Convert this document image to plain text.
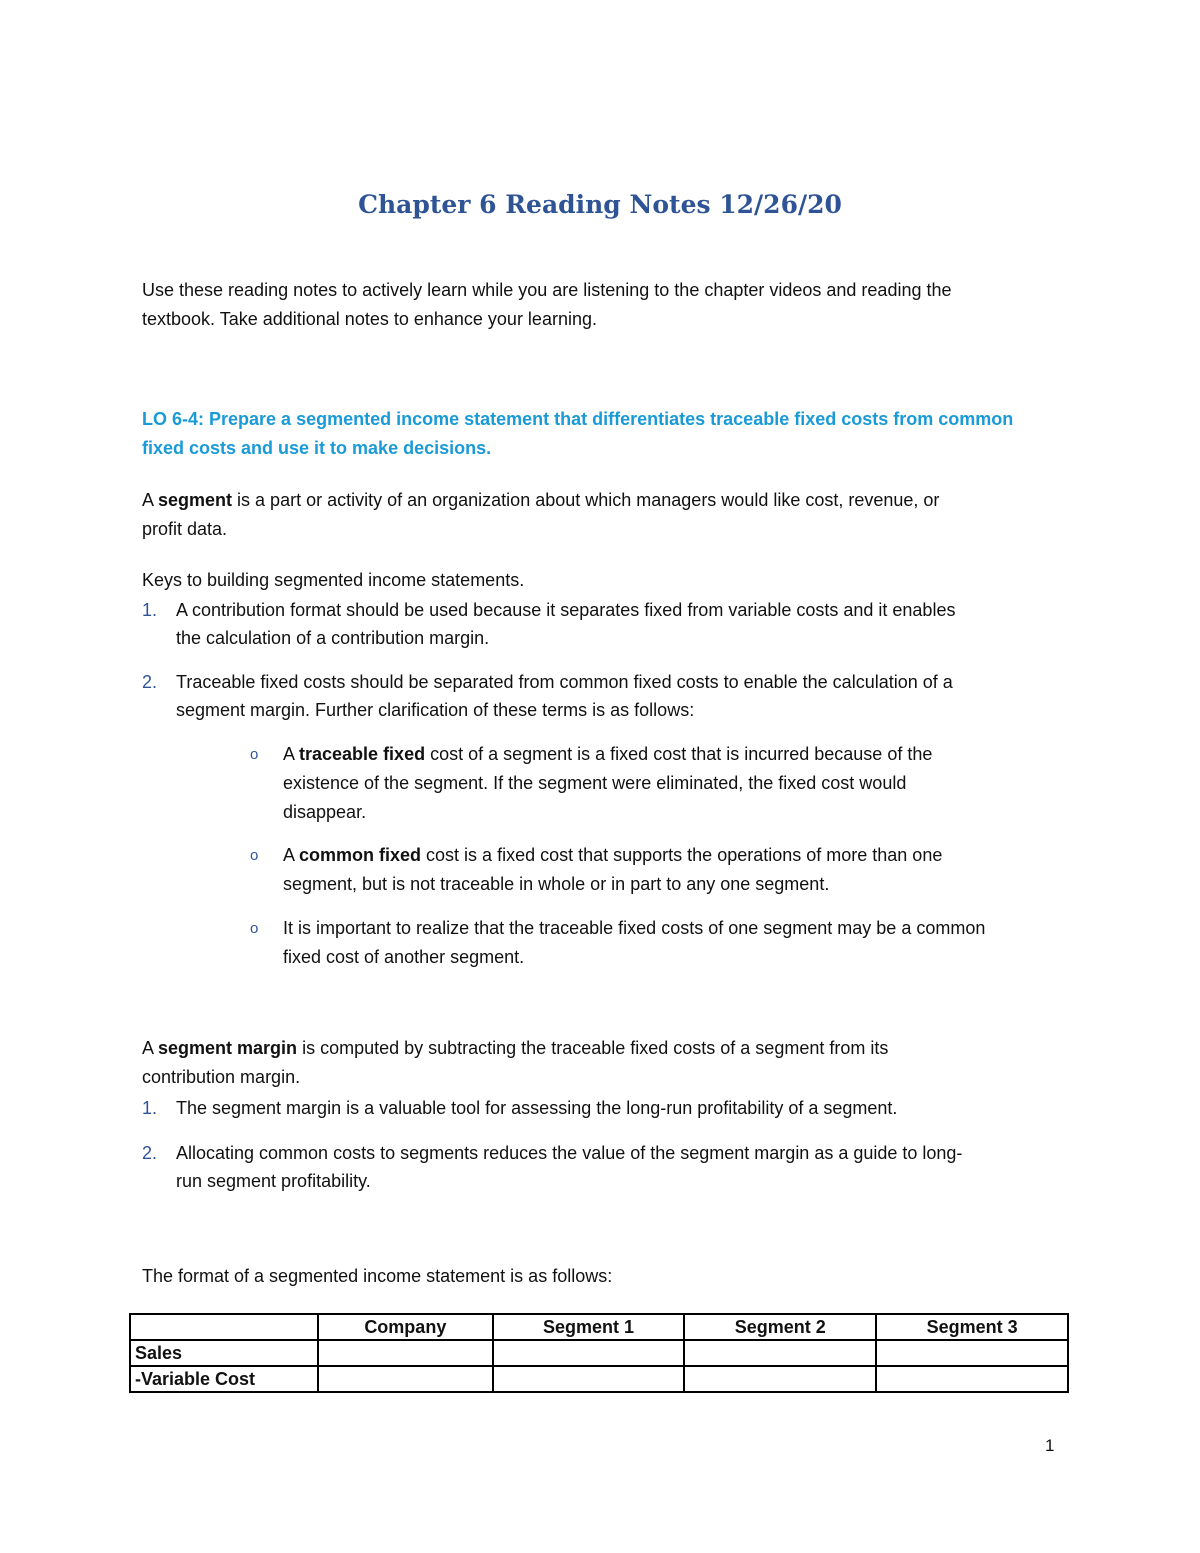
Chapter 6 Reading Notes 12/26/20
Use these reading notes to actively learn while you are listening to the chapter videos and reading the
textbook. Take additional notes to enhance your learning.
LO 6-4: Prepare a segmented income statement that differentiates traceable fixed costs from common
fixed costs and use it to make decisions.
A segment is a part or activity of an organization about which managers would like cost, revenue, or
profit data.
Keys to building segmented income statements.
1.	A contribution format should be used because it separates fixed from variable costs and it enables
the calculation of a contribution margin.
2.	Traceable fixed costs should be separated from common fixed costs to enable the calculation of a
segment margin. Further clarification of these terms is as follows:
o	A traceable fixed cost of a segment is a fixed cost that is incurred because of the
existence of the segment. If the segment were eliminated, the fixed cost would
disappear.
o	A common fixed cost is a fixed cost that supports the operations of more than one
segment, but is not traceable in whole or in part to any one segment.
o	It is important to realize that the traceable fixed costs of one segment may be a common
fixed cost of another segment.
A segment margin is computed by subtracting the traceable fixed costs of a segment from its
contribution margin.
1.	The segment margin is a valuable tool for assessing the long-run profitability of a segment.
2.	Allocating common costs to segments reduces the value of the segment margin as a guide to long-
run segment profitability.
The format of a segmented income statement is as follows:
	Company	Segment 1	Segment 2	Segment 3
Sales				
-Variable Cost				
1
